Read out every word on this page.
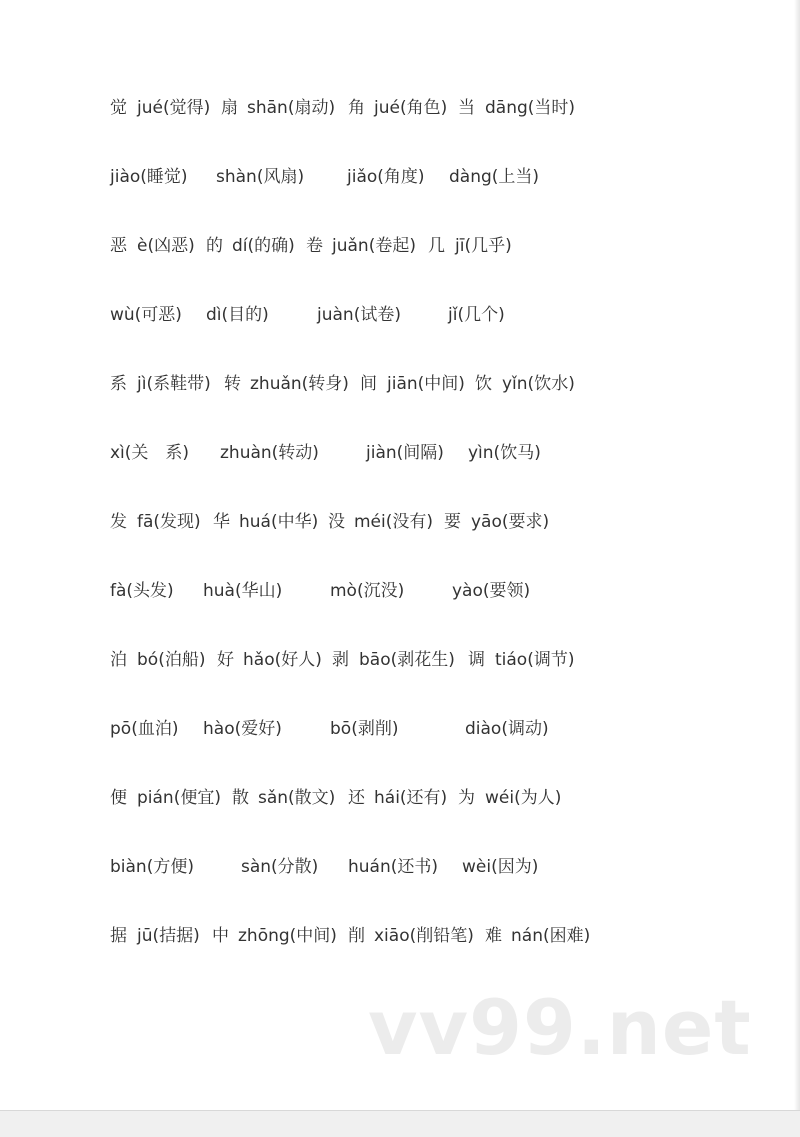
觉 jué(觉得) 扇 shān(扇动) 角 jué(角色) 当 dāng(当时)
jiào(睡觉) shàn(风扇)	jiǎo(角度) dàng(上当)
恶 è(凶恶) 的 dí(的确) 卷 juǎn(卷起) 几 jī(几乎)
wù(可恶) dì(目的)	juàn(试卷)	jǐ(几个)
系 jì(系鞋带) 转 zhuǎn(转身) 间 jiān(中间) 饮 yǐn(饮水)
xì(关　系) zhuàn(转动)	jiàn(间隔) yìn(饮马)
发 fā(发现) 华 huá(中华) 没 méi(没有) 要 yāo(要求)
fà(头发) huà(华山)	mò(沉没)	yào(要领)
泊 bó(泊船) 好 hǎo(好人) 剥 bāo(剥花生) 调 tiáo(调节)
pō(血泊) hào(爱好)	bō(剥削)	diào(调动)
便 pián(便宜) 散 sǎn(散文) 还 hái(还有) 为 wéi(为人)
biàn(方便)	sàn(分散) huán(还书) wèi(因为)
据 jū(拮据) 中 zhōng(中间) 削 xiāo(削铅笔) 难 nán(困难)
vv99.net
